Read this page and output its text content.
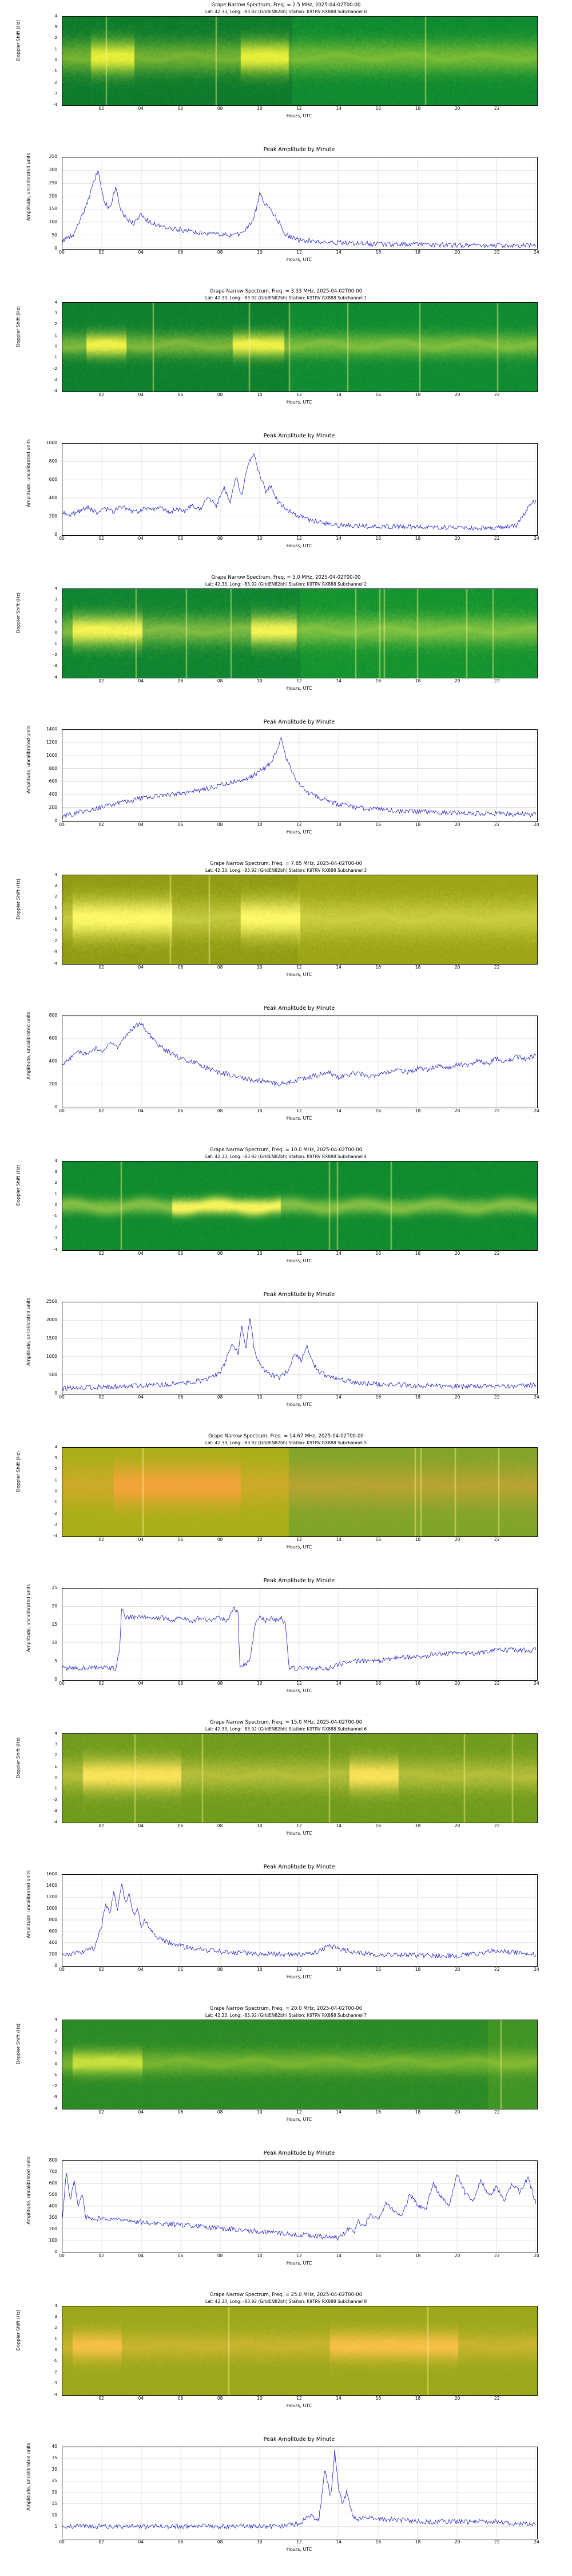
Grape Narrow Spectrum, Freq. = 2.5 MHz, 2025-04-02T00-00
Lat: 42.33, Long: -83.92 (GridEN82bh) Station: K9TRV RX888 Subchannel 0
Doppler Shift (Hz)
4
3
2
1
0
-1
-2
-3
-4
02	04	06	08	10	12	14	16	18	20	22
Hours, UTC
Peak Amplitude by Minute
Amplitude, uncalibrated units
0
50
100
150
200
250
300
350
00	02	04	06	08	10	12	14	16	18	20	22	24
Hours, UTC
Grape Narrow Spectrum, Freq. = 3.33 MHz, 2025-04-02T00-00
Lat: 42.33, Long: -83.92 (GridEN82bh) Station: K9TRV RX888 Subchannel 1
Doppler Shift (Hz)
4
3
2
1
0
-1
-2
-3
-4
02	04	06	08	10	12	14	16	18	20	22
Hours, UTC
Peak Amplitude by Minute
Amplitude, uncalibrated units
0
200
400
600
800
1000
00	02	04	06	08	10	12	14	16	18	20	22	24
Hours, UTC
Grape Narrow Spectrum, Freq. = 5.0 MHz, 2025-04-02T00-00
Lat: 42.33, Long: -83.92 (GridEN82bh) Station: K9TRV RX888 Subchannel 2
Doppler Shift (Hz)
4
3
2
1
0
-1
-2
-3
-4
02	04	06	08	10	12	14	16	18	20	22
Hours, UTC
Peak Amplitude by Minute
Amplitude, uncalibrated units
0
200
400
600
800
1000
1200
1400
00	02	04	06	08	10	12	14	16	18	20	22	24
Hours, UTC
Grape Narrow Spectrum, Freq. = 7.85 MHz, 2025-04-02T00-00
Lat: 42.33, Long: -83.92 (GridEN82bh) Station: K9TRV RX888 Subchannel 3
Doppler Shift (Hz)
4
3
2
1
0
-1
-2
-3
-4
02	04	06	08	10	12	14	16	18	20	22
Hours, UTC
Peak Amplitude by Minute
Amplitude, uncalibrated units
0
200
400
600
800
00	02	04	06	08	10	12	14	16	18	20	22	24
Hours, UTC
Grape Narrow Spectrum, Freq. = 10.0 MHz, 2025-04-02T00-00
Lat: 42.33, Long: -83.92 (GridEN82bh) Station: K9TRV RX888 Subchannel 4
Doppler Shift (Hz)
4
3
2
1
0
-1
-2
-3
-4
02	04	06	08	10	12	14	16	18	20	22
Hours, UTC
Peak Amplitude by Minute
Amplitude, uncalibrated units
0
500
1000
1500
2000
2500
00	02	04	06	08	10	12	14	16	18	20	22	24
Hours, UTC
Grape Narrow Spectrum, Freq. = 14.67 MHz, 2025-04-02T00-00
Lat: 42.33, Long: -83.92 (GridEN82bh) Station: K9TRV RX888 Subchannel 5
Doppler Shift (Hz)
4
3
2
1
0
-1
-2
-3
-4
02	04	06	08	10	12	14	16	18	20	22
Hours, UTC
Peak Amplitude by Minute
Amplitude, uncalibrated units
0
5
10
15
20
25
00	02	04	06	08	10	12	14	16	18	20	22	24
Hours, UTC
Grape Narrow Spectrum, Freq. = 15.0 MHz, 2025-04-02T00-00
Lat: 42.33, Long: -83.92 (GridEN82bh) Station: K9TRV RX888 Subchannel 6
Doppler Shift (Hz)
4
3
2
1
0
-1
-2
-3
-4
02	04	06	08	10	12	14	16	18	20	22
Hours, UTC
Peak Amplitude by Minute
Amplitude, uncalibrated units
0
200
400
600
800
1000
1200
1400
1600
00	02	04	06	08	10	12	14	16	18	20	22	24
Hours, UTC
Grape Narrow Spectrum, Freq. = 20.0 MHz, 2025-04-02T00-00
Lat: 42.33, Long: -83.92 (GridEN82bh) Station: K9TRV RX888 Subchannel 7
Doppler Shift (Hz)
4
3
2
1
0
-1
-2
-3
-4
02	04	06	08	10	12	14	16	18	20	22
Hours, UTC
Peak Amplitude by Minute
Amplitude, uncalibrated units
0
100
200
300
400
500
600
700
800
00	02	04	06	08	10	12	14	16	18	20	22	24
Hours, UTC
Grape Narrow Spectrum, Freq. = 25.0 MHz, 2025-04-02T00-00
Lat: 42.33, Long: -83.92 (GridEN82bh) Station: K9TRV RX888 Subchannel 8
Doppler Shift (Hz)
4
3
2
1
0
-1
-2
-3
-4
02	04	06	08	10	12	14	16	18	20	22
Hours, UTC
Peak Amplitude by Minute
Amplitude, uncalibrated units
5
10
15
20
25
30
35
40
00	02	04	06	08	10	12	14	16	18	20	22	24
Hours, UTC
